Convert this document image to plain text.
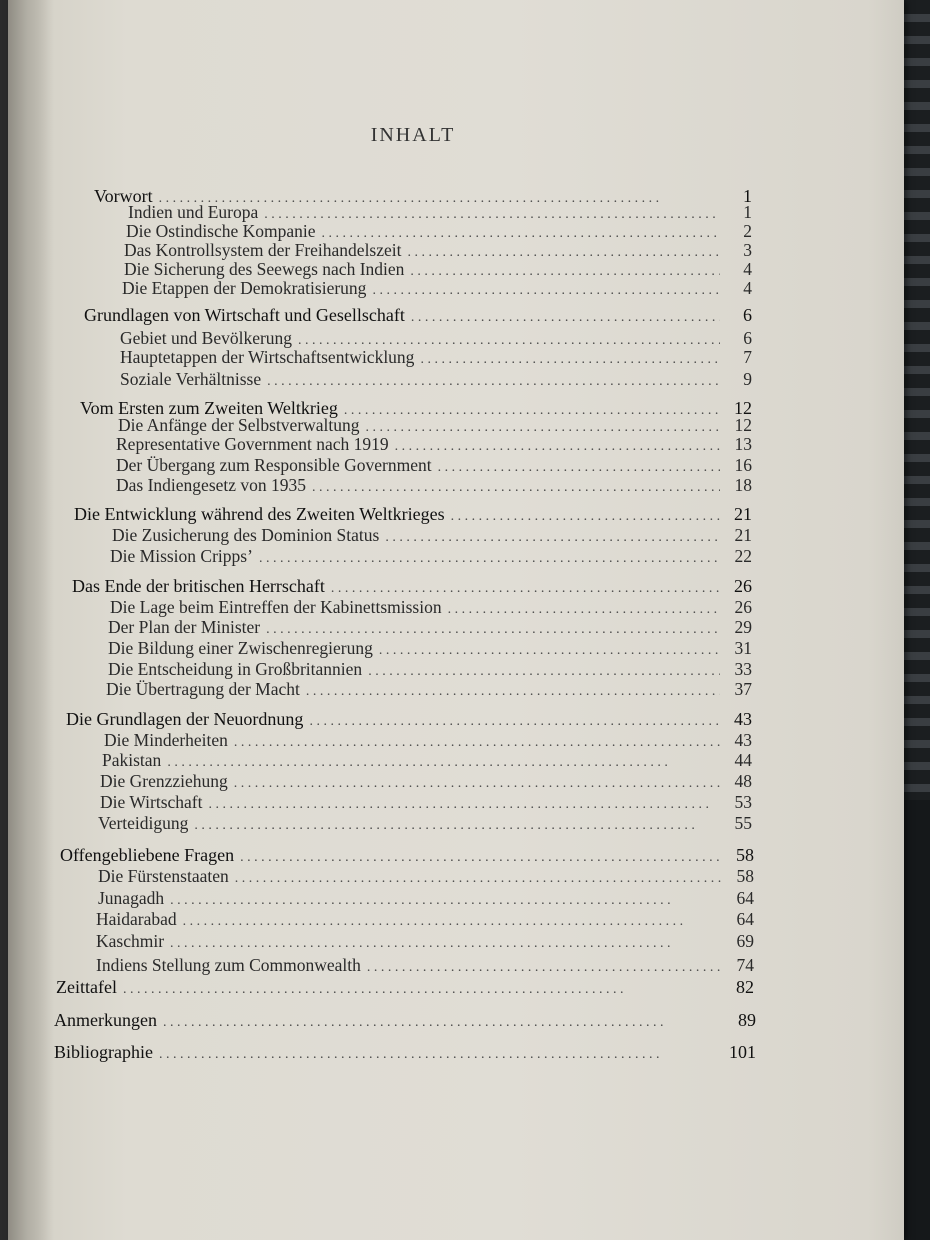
INHALT
Vorwort . . .	1
Indien und Europa . . .	1
Die Ostindische Kompanie . . .	2
Das Kontrollsystem der Freihandelszeit . . .	3
Die Sicherung des Seewegs nach Indien . . .	4
Die Etappen der Demokratisierung . . .	4
Grundlagen von Wirtschaft und Gesellschaft . . .	6
Gebiet und Bevölkerung . . .	6
Hauptetappen der Wirtschaftsentwicklung . . .	7
Soziale Verhältnisse . . .	9
Vom Ersten zum Zweiten Weltkrieg . . .	12
Die Anfänge der Selbstverwaltung . . .	12
Representative Government nach 1919 . . .	13
Der Übergang zum Responsible Government . . .	16
Das Indiengesetz von 1935 . . .	18
Die Entwicklung während des Zweiten Weltkrieges . . .	21
Die Zusicherung des Dominion Status . . .	21
Die Mission Cripps’ . . .	22
Das Ende der britischen Herrschaft . . .	26
Die Lage beim Eintreffen der Kabinettsmission . . .	26
Der Plan der Minister . . .	29
Die Bildung einer Zwischenregierung . . .	31
Die Entscheidung in Großbritannien . . .	33
Die Übertragung der Macht . . .	37
Die Grundlagen der Neuordnung . . .	43
Die Minderheiten . . .	43
Pakistan . . .	44
Die Grenzziehung . . .	48
Die Wirtschaft . . .	53
Verteidigung . . .	55
Offengebliebene Fragen . . .	58
Die Fürstenstaaten . . .	58
Junagadh . . .	64
Haidarabad . . .	64
Kaschmir . . .	69
Indiens Stellung zum Commonwealth . . .	74
Zeittafel . . .	82
Anmerkungen . . .	89
Bibliographie . . .	101
